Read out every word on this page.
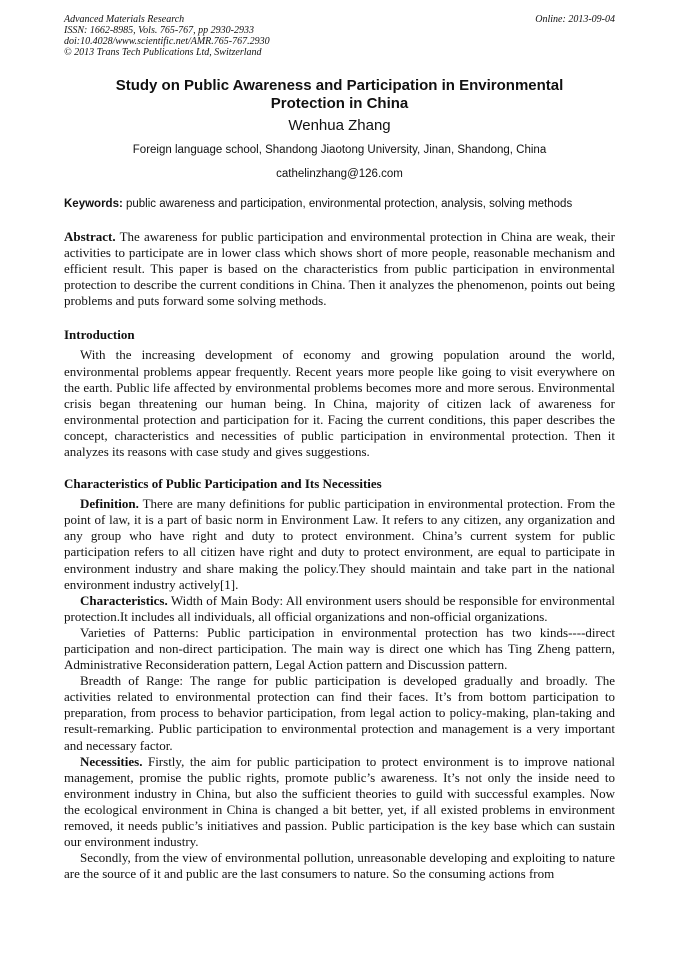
Advanced Materials Research
ISSN: 1662-8985, Vols. 765-767, pp 2930-2933
doi:10.4028/www.scientific.net/AMR.765-767.2930
© 2013 Trans Tech Publications Ltd, Switzerland
Online: 2013-09-04
Study on Public Awareness and Participation in Environmental Protection in China
Wenhua Zhang
Foreign language school, Shandong Jiaotong University, Jinan, Shandong, China
cathelinzhang@126.com
Keywords: public awareness and participation, environmental protection, analysis, solving methods

Abstract. The awareness for public participation and environmental protection in China are weak, their activities to participate are in lower class which shows short of more people, reasonable mechanism and efficient result. This paper is based on the characteristics from public participation in environmental protection to describe the current conditions in China. Then it analyzes the phenomenon, points out being problems and puts forward some solving methods.

Introduction

With the increasing development of economy and growing population around the world, environmental problems appear frequently. Recent years more people like going to visit everywhere on the earth. Public life affected by environmental problems becomes more and more serous. Environmental crisis began threatening our human being. In China, majority of citizen lack of awareness for environmental protection and participation for it. Facing the current conditions, this paper describes the concept, characteristics and necessities of public participation in environmental protection. Then it analyzes its reasons with case study and gives suggestions.

Characteristics of Public Participation and Its Necessities

Definition. There are many definitions for public participation in environmental protection. From the point of law, it is a part of basic norm in Environment Law. It refers to any citizen, any organization and any group who have right and duty to protect environment. China’s current system for public participation refers to all citizen have right and duty to protect environment, are equal to participate in environment industry and share making the policy.They should maintain and take part in the national environment industry actively[1].

Characteristics. Width of Main Body: All environment users should be responsible for environmental protection.It includes all individuals, all official organizations and non-official organizations.

Varieties of Patterns: Public participation in environmental protection has two kinds----direct participation and non-direct participation. The main way is direct one which has Ting Zheng pattern, Administrative Reconsideration pattern, Legal Action pattern and Discussion pattern.

Breadth of Range: The range for public participation is developed gradually and broadly. The activities related to environmental protection can find their faces. It’s from bottom participation to preparation, from process to behavior participation, from legal action to policy-making, plan-taking and result-remarking. Public participation to environmental protection and management is a very important and necessary factor.

Necessities. Firstly, the aim for public participation to protect environment is to improve national management, promise the public rights, promote public’s awareness. It’s not only the inside need to environment industry in China, but also the sufficient theories to guild with successful examples. Now the ecological environment in China is changed a bit better, yet, if all existed problems in environment removed, it needs public’s initiatives and passion. Public participation is the key base which can sustain our environment industry.

Secondly, from the view of environmental pollution, unreasonable developing and exploiting to nature are the source of it and public are the last consumers to nature. So the consuming actions from
